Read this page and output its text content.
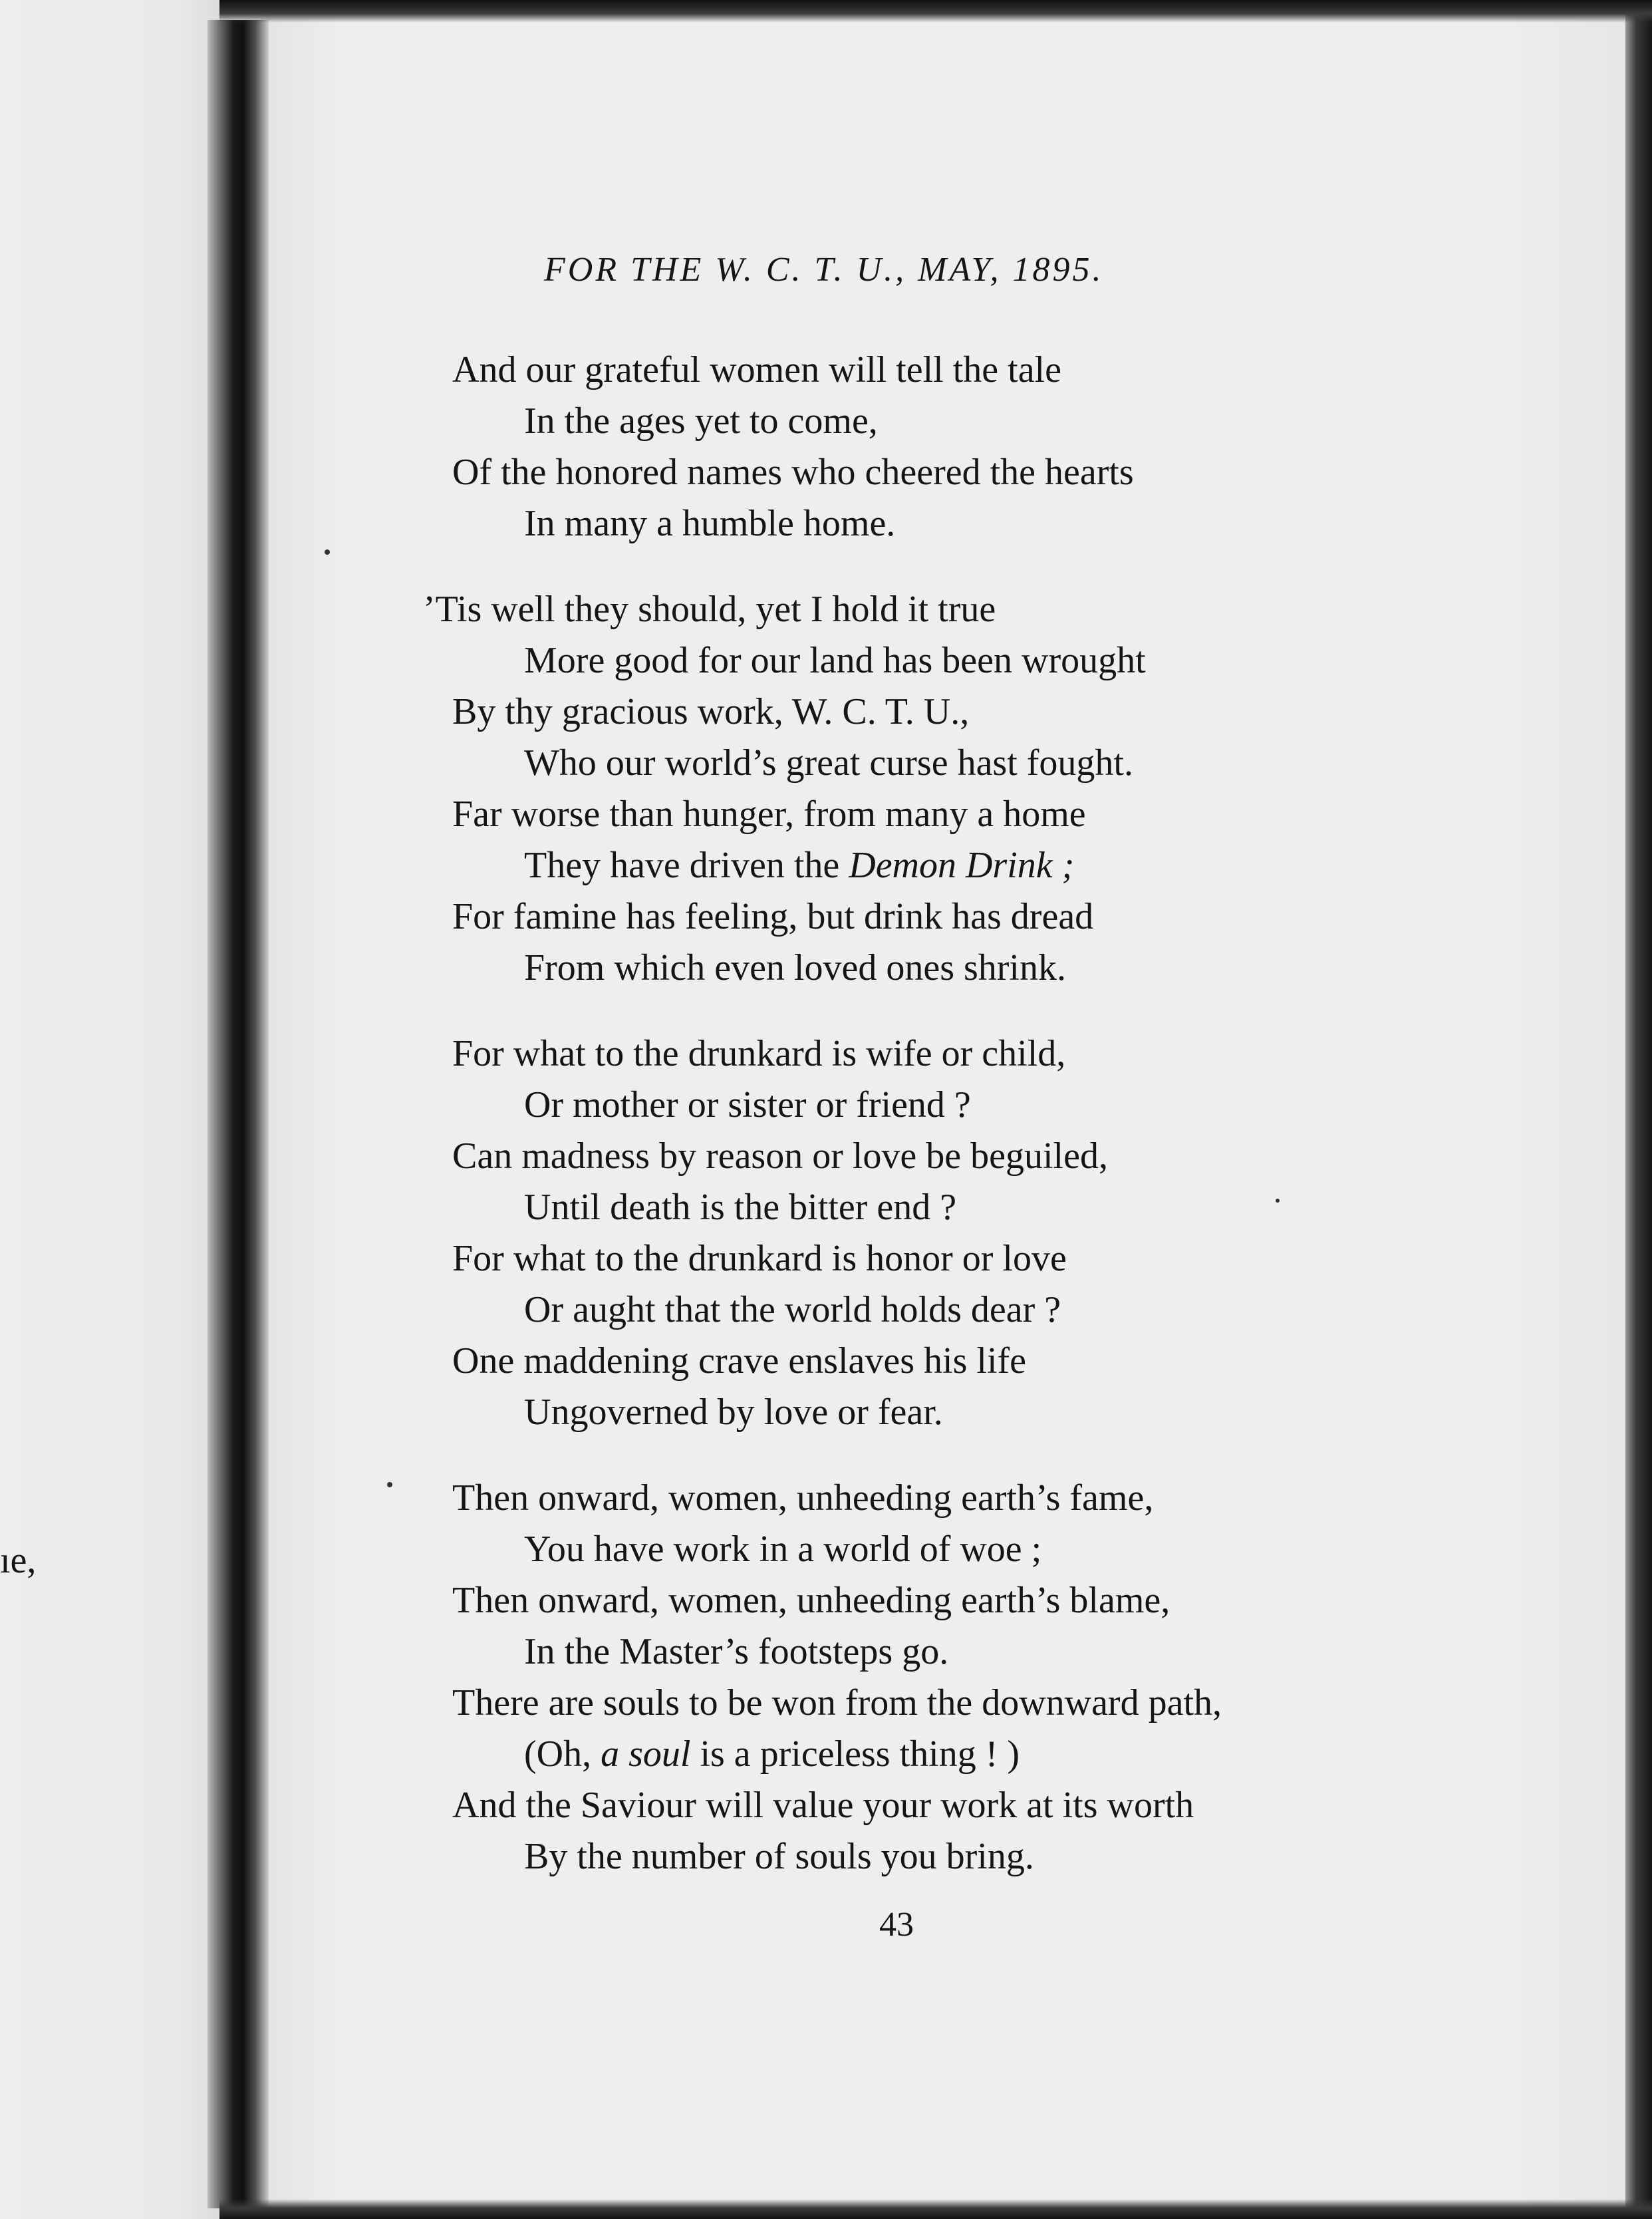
ıe,
FOR THE W. C. T. U., MAY, 1895.
And our grateful women will tell the tale
In the ages yet to come,
Of the honored names who cheered the hearts
In many a humble home.
’Tis well they should, yet I hold it true
More good for our land has been wrought
By thy gracious work, W. C. T. U.,
Who our world’s great curse hast fought.
Far worse than hunger, from many a home
They have driven the Demon Drink ;
For famine has feeling, but drink has dread
From which even loved ones shrink.
For what to the drunkard is wife or child,
Or mother or sister or friend ?
Can madness by reason or love be beguiled,
Until death is the bitter end ?
For what to the drunkard is honor or love
Or aught that the world holds dear ?
One maddening crave enslaves his life
Ungoverned by love or fear.
Then onward, women, unheeding earth’s fame,
You have work in a world of woe ;
Then onward, women, unheeding earth’s blame,
In the Master’s footsteps go.
There are souls to be won from the downward path,
(Oh, a soul is a priceless thing ! )
And the Saviour will value your work at its worth
By the number of souls you bring.
43
